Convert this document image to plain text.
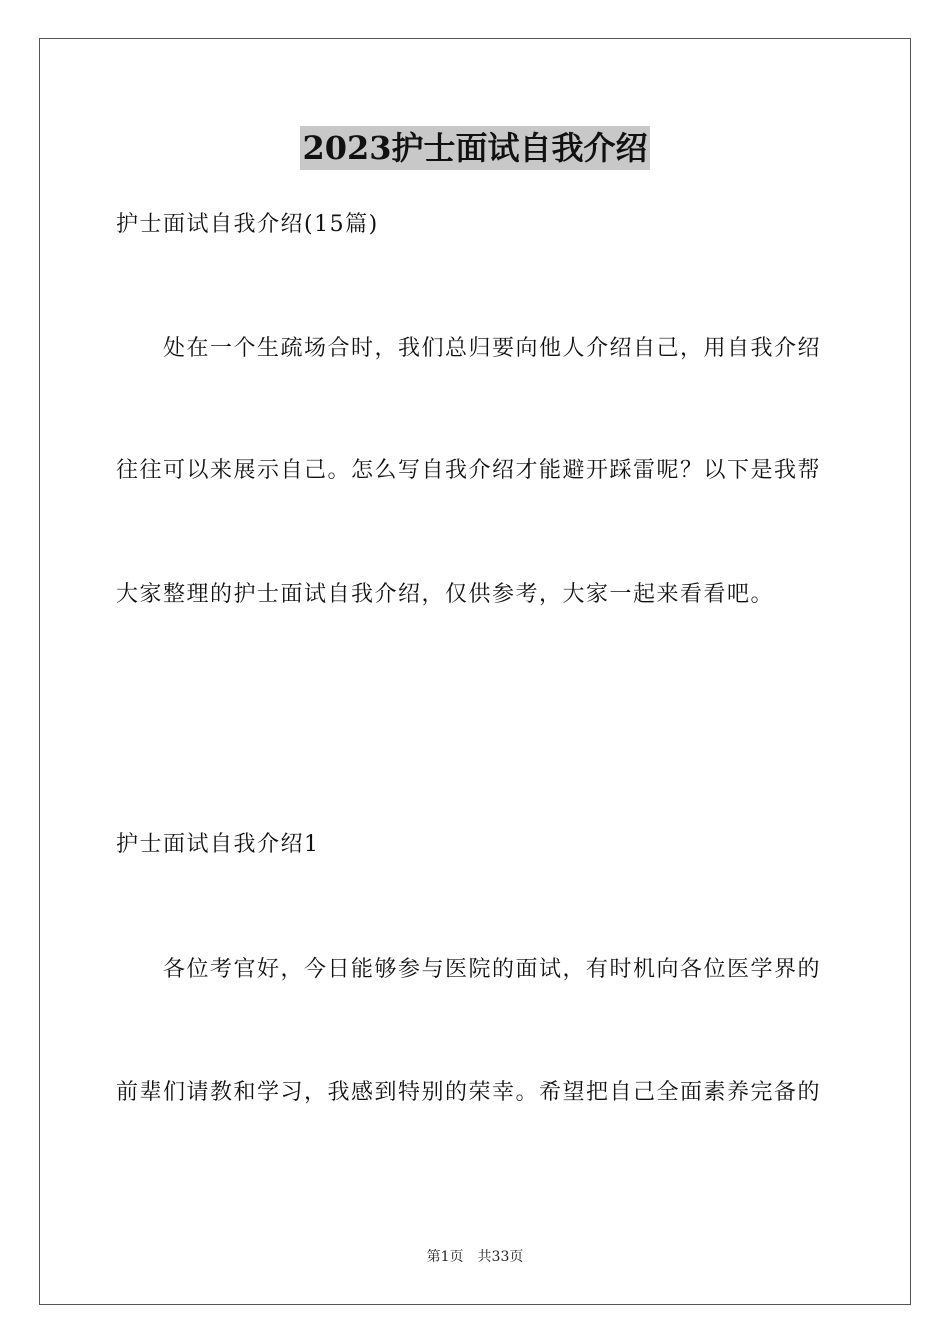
2023护士面试自我介绍
护士面试自我介绍(15篇)
处在一个生疏场合时，我们总归要向他人介绍自己，用自我介绍
往往可以来展示自己。怎么写自我介绍才能避开踩雷呢？以下是我帮
大家整理的护士面试自我介绍，仅供参考，大家一起来看看吧。
护士面试自我介绍1
各位考官好，今日能够参与医院的面试，有时机向各位医学界的
前辈们请教和学习，我感到特别的荣幸。希望把自己全面素养完备的
第1页 共33页
